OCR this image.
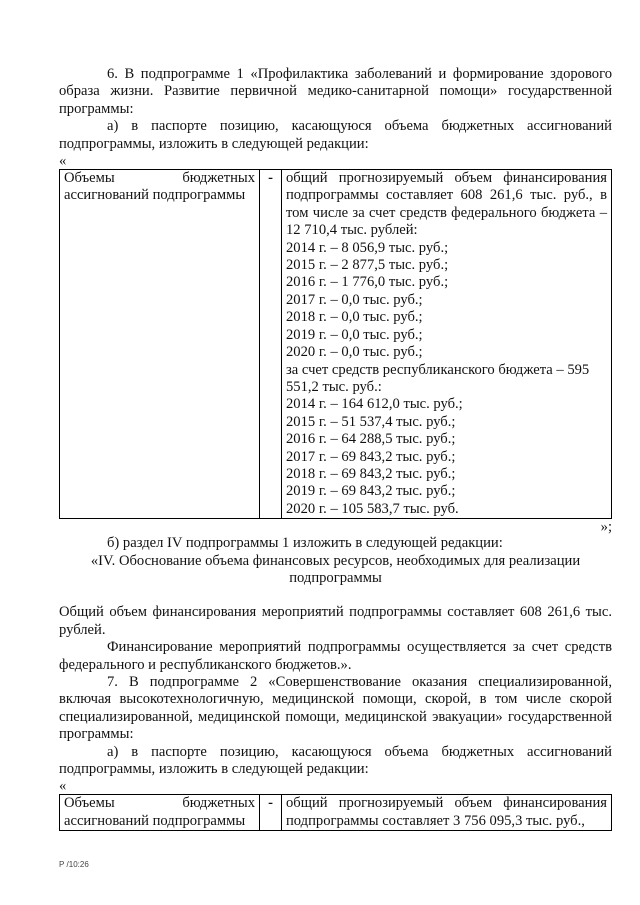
6. В подпрограмме 1 «Профилактика заболеваний и формирование здорового образа жизни. Развитие первичной медико-санитарной помощи» государственной программы:

а) в паспорте позицию, касающуюся объема бюджетных ассигнований подпрограммы, изложить в следующей редакции:

«
Объемы бюджетных ассигнований подпрограммы	-	общий прогнозируемый объем финансирования подпрограммы составляет 608 261,6 тыс. руб., в том числе за счет средств федерального бюджета – 12 710,4 тыс. рублей:

2014 г. – 8 056,9 тыс. руб.;
2015 г. – 2 877,5 тыс. руб.;
2016 г. – 1 776,0 тыс. руб.;
2017 г. – 0,0 тыс. руб.;
2018 г. – 0,0 тыс. руб.;
2019 г. – 0,0 тыс. руб.;
2020 г. – 0,0 тыс. руб.;

за счет средств республиканского бюджета – 595 551,2 тыс. руб.:

2014 г. – 164 612,0 тыс. руб.;
2015 г. – 51 537,4 тыс. руб.;
2016 г. – 64 288,5 тыс. руб.;
2017 г. – 69 843,2 тыс. руб.;
2018 г. – 69 843,2 тыс. руб.;
2019 г. – 69 843,2 тыс. руб.;
2020 г. – 105 583,7 тыс. руб.
»;

б) раздел IV подпрограммы 1 изложить в следующей редакции:

«IV. Обоснование объема финансовых ресурсов, необходимых для реализации подпрограммы

Общий объем финансирования мероприятий подпрограммы составляет 608 261,6 тыс. рублей.

Финансирование мероприятий подпрограммы осуществляется за счет средств федерального и республиканского бюджетов.».

7. В подпрограмме 2 «Совершенствование оказания специализированной, включая высокотехнологичную, медицинской помощи, скорой, в том числе скорой специализированной, медицинской помощи, медицинской эвакуации» государственной программы:

а) в паспорте позицию, касающуюся объема бюджетных ассигнований подпрограммы, изложить в следующей редакции:

«
Объемы бюджетных ассигнований подпрограммы	-	общий прогнозируемый объем финансирования подпрограммы составляет 3 756 095,3 тыс. руб.,
Р /10:26
